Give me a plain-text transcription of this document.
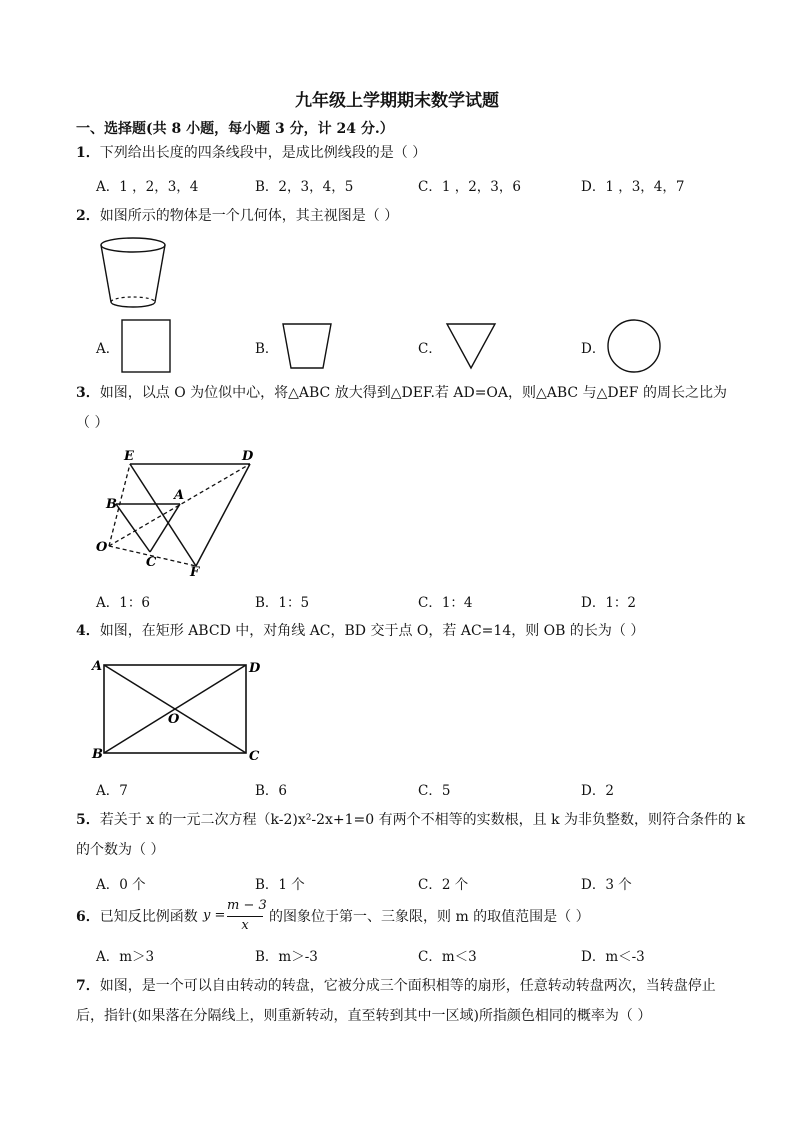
九年级上学期期末数学试题
一、选择题(共 8 小题，每小题 3 分，计 24 分.）
1．下列给出长度的四条线段中，是成比例线段的是（ ）
A．1 ，2，3，4	B．2，3，4，5	C．1 ，2，3，6	D．1 ，3，4，7
2．如图所示的物体是一个几何体，其主视图是（ ）
A．	B．	C．	D．
3．如图，以点 O 为位似中心，将△ABC 放大得到△DEF.若 AD=OA，则△ABC 与△DEF 的周长之比为
（ ）
E	D
B
A
O
C
F
A．1：6	B．1：5	C．1：4	D．1：2
4．如图，在矩形 ABCD 中，对角线 AC，BD 交于点 O，若 AC=14，则 OB 的长为（ ）
A	D
O
B	C
A．7	B．6	C．5	D．2
5．若关于 x 的一元二次方程（k-2)x²-2x+1=0 有两个不相等的实数根，且 k 为非负整数，则符合条件的 k
的个数为（ ）
A．0 个	B．1 个	C．2 个	D．3 个
6．已知反比例函数 y =
m − 3
x
的图象位于第一、三象限，则 m 的取值范围是（ ）
A．m＞3	B．m＞-3	C．m＜3	D．m＜-3
7．如图，是一个可以自由转动的转盘，它被分成三个面积相等的扇形，任意转动转盘两次，当转盘停止
后，指针(如果落在分隔线上，则重新转动，直至转到其中一区域)所指颜色相同的概率为（ ）
